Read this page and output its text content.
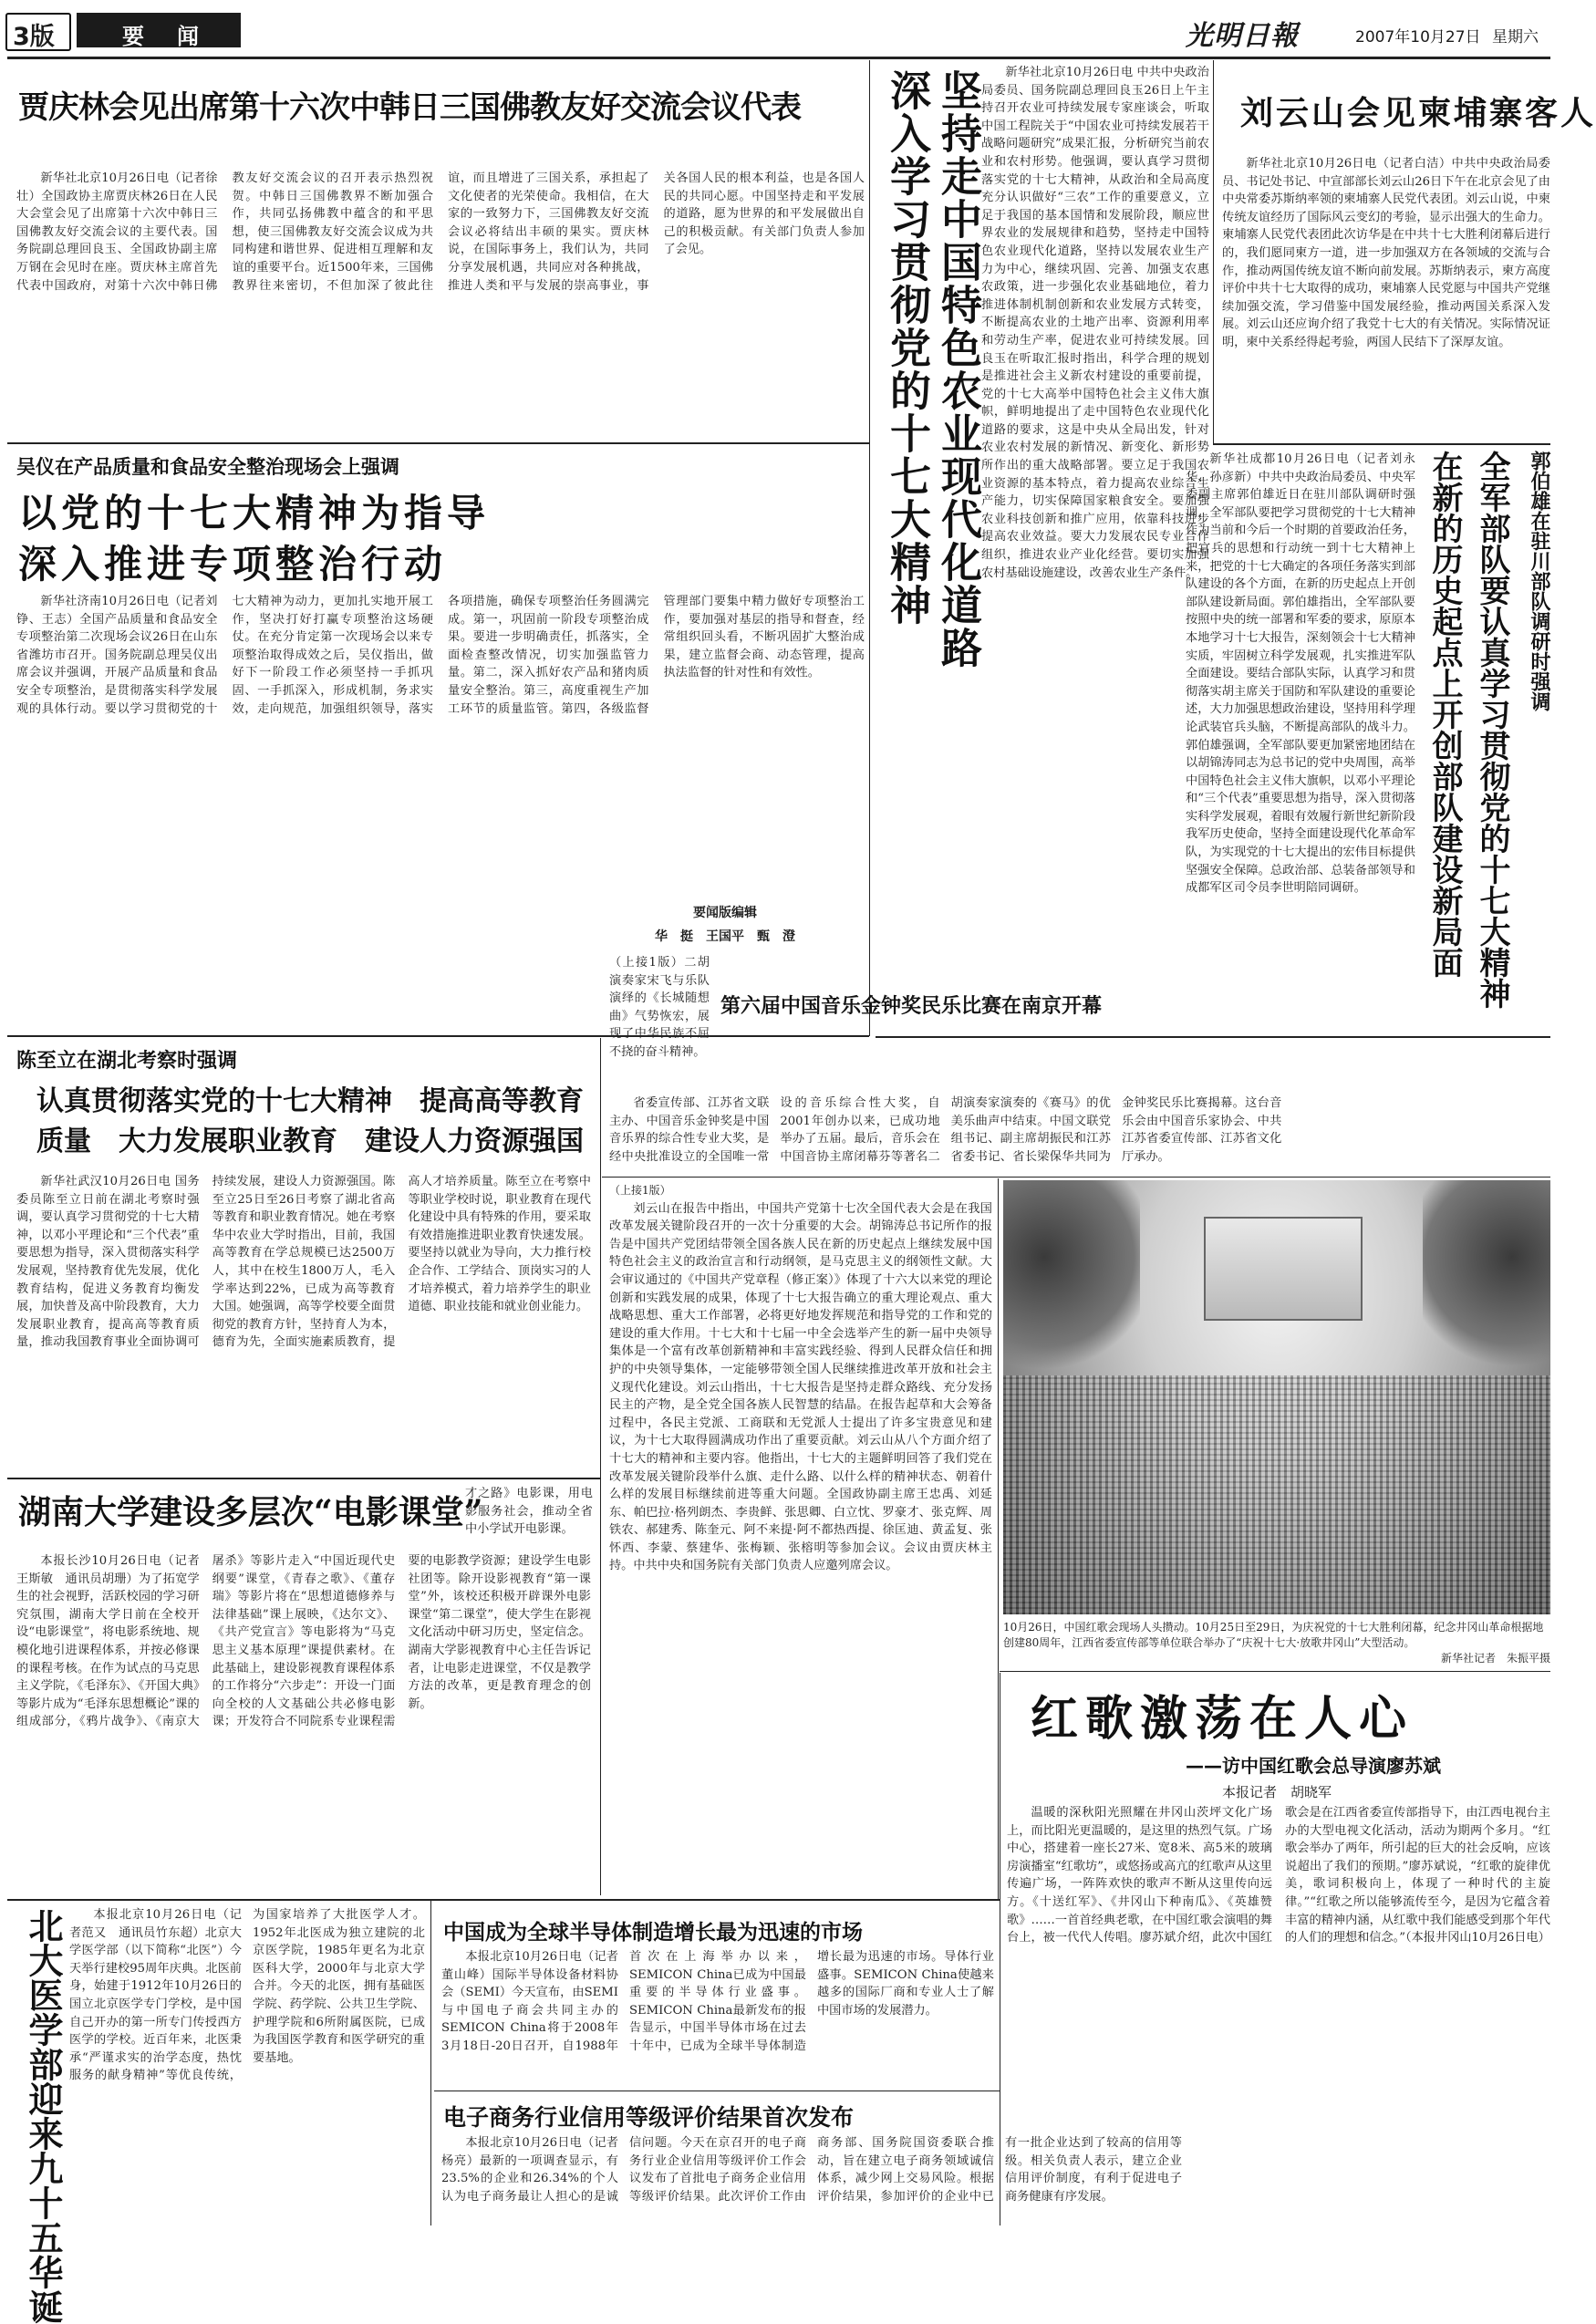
3版	要　闻	光明日報	2007年10月27日 星期六
贾庆林会见出席第十六次中韩日三国佛教友好交流会议代表

新华社北京10月26日电（记者徐壮）全国政协主席贾庆林26日在人民大会堂会见了出席第十六次中韩日三国佛教友好交流会议的主要代表。国务院副总理回良玉、全国政协副主席万钢在会见时在座。贾庆林主席首先代表中国政府，对第十六次中韩日佛教友好交流会议的召开表示热烈祝贺。中韩日三国佛教界不断加强合作，共同弘扬佛教中蕴含的和平思想，使三国佛教友好交流会议成为共同构建和谐世界、促进相互理解和友谊的重要平台。近1500年来，三国佛教界往来密切，不但加深了彼此往谊，而且增进了三国关系，承担起了文化使者的光荣使命。我相信，在大家的一致努力下，三国佛教友好交流会议必将结出丰硕的果实。贾庆林说，在国际事务上，我们认为，共同分享发展机遇，共同应对各种挑战，推进人类和平与发展的崇高事业，事关各国人民的根本利益，也是各国人民的共同心愿。中国坚持走和平发展的道路，愿为世界的和平发展做出自己的积极贡献。有关部门负责人参加了会见。

吴仪在产品质量和食品安全整治现场会上强调
以党的十七大精神为指导
深入推进专项整治行动

新华社济南10月26日电（记者刘铮、王志）全国产品质量和食品安全专项整治第二次现场会议26日在山东省潍坊市召开。国务院副总理吴仪出席会议并强调，开展产品质量和食品安全专项整治，是贯彻落实科学发展观的具体行动。要以学习贯彻党的十七大精神为动力，更加扎实地开展工作，坚决打好打赢专项整治这场硬仗。在充分肯定第一次现场会以来专项整治取得成效之后，吴仪指出，做好下一阶段工作必须坚持一手抓巩固、一手抓深入，形成机制，务求实效，走向规范，加强组织领导，落实各项措施，确保专项整治任务圆满完成。第一，巩固前一阶段专项整治成果。要进一步明确责任，抓落实，全面检查整改情况，切实加强监管力量。第二，深入抓好农产品和猪肉质量安全整治。第三，高度重视生产加工环节的质量监管。第四，各级监督管理部门要集中精力做好专项整治工作，要加强对基层的指导和督查，经常组织回头看，不断巩固扩大整治成果，建立监督会商、动态管理，提高执法监督的针对性和有效性。

坚持走中国特色农业现代化道路
深入学习贯彻党的十七大精神	新华社北京10月26日电 中共中央政治局委员、国务院副总理回良玉26日上午主持召开农业可持续发展专家座谈会，听取中国工程院关于“中国农业可持续发展若干战略问题研究”成果汇报，分析研究当前农业和农村形势。他强调，要认真学习贯彻落实党的十七大精神，从政治和全局高度充分认识做好“三农”工作的重要意义，立足于我国的基本国情和发展阶段，顺应世界农业的发展规律和趋势，坚持走中国特色农业现代化道路，坚持以发展农业生产力为中心，继续巩固、完善、加强支农惠农政策，进一步强化农业基础地位，着力推进体制机制创新和农业发展方式转变，不断提高农业的土地产出率、资源利用率和劳动生产率，促进农业可持续发展。回良玉在听取汇报时指出，科学合理的规划是推进社会主义新农村建设的重要前提，党的十七大高举中国特色社会主义伟大旗帜，鲜明地提出了走中国特色农业现代化道路的要求，这是中央从全局出发，针对农业农村发展的新情况、新变化、新形势所作出的重大战略部署。要立足于我国农业资源的基本特点，着力提高农业综合生产能力，切实保障国家粮食安全。要加强农业科技创新和推广应用，依靠科技进步提高农业效益。要大力发展农民专业合作组织，推进农业产业化经营。要切实加强农村基础设施建设，改善农业生产条件。

刘云山会见柬埔寨客人

新华社北京10月26日电（记者白洁）中共中央政治局委员、书记处书记、中宣部部长刘云山26日下午在北京会见了由中央常委苏斯纳率领的柬埔寨人民党代表团。刘云山说，中柬传统友谊经历了国际风云变幻的考验，显示出强大的生命力。柬埔寨人民党代表团此次访华是在中共十七大胜利闭幕后进行的，我们愿同柬方一道，进一步加强双方在各领域的交流与合作，推动两国传统友谊不断向前发展。苏斯纳表示，柬方高度评价中共十七大取得的成功，柬埔寨人民党愿与中国共产党继续加强交流，学习借鉴中国发展经验，推动两国关系深入发展。刘云山还应询介绍了我党十七大的有关情况。实际情况证明，柬中关系经得起考验，两国人民结下了深厚友谊。

郭伯雄在驻川部队调研时强调
全军部队要认真学习贯彻党的十七大精神
在新的历史起点上开创部队建设新局面

新华社成都10月26日电（记者刘永华、孙彦新）中共中央政治局委员、中央军委副主席郭伯雄近日在驻川部队调研时强调，全军部队要把学习贯彻党的十七大精神作为当前和今后一个时期的首要政治任务，把官兵的思想和行动统一到十七大精神上来，把党的十七大确定的各项任务落实到部队建设的各个方面，在新的历史起点上开创部队建设新局面。郭伯雄指出，全军部队要按照中央的统一部署和军委的要求，原原本本地学习十七大报告，深刻领会十七大精神实质，牢固树立科学发展观，扎实推进军队全面建设。要结合部队实际，认真学习和贯彻落实胡主席关于国防和军队建设的重要论述，大力加强思想政治建设，坚持用科学理论武装官兵头脑，不断提高部队的战斗力。郭伯雄强调，全军部队要更加紧密地团结在以胡锦涛同志为总书记的党中央周围，高举中国特色社会主义伟大旗帜，以邓小平理论和“三个代表”重要思想为指导，深入贯彻落实科学发展观，着眼有效履行新世纪新阶段我军历史使命，坚持全面建设现代化革命军队，为实现党的十七大提出的宏伟目标提供坚强安全保障。总政治部、总装备部领导和成都军区司令员李世明陪同调研。

要闻版编辑
华　挺　王国平　甄　澄
陈至立在湖北考察时强调
认真贯彻落实党的十七大精神　提高高等教育
质量　大力发展职业教育　建设人力资源强国

新华社武汉10月26日电 国务委员陈至立日前在湖北考察时强调，要认真学习贯彻党的十七大精神，以邓小平理论和“三个代表”重要思想为指导，深入贯彻落实科学发展观，坚持教育优先发展，优化教育结构，促进义务教育均衡发展，加快普及高中阶段教育，大力发展职业教育，提高高等教育质量，推动我国教育事业全面协调可持续发展，建设人力资源强国。陈至立25日至26日考察了湖北省高等教育和职业教育情况。她在考察华中农业大学时指出，目前，我国高等教育在学总规模已达2500万人，其中在校生1800万人，毛入学率达到22%，已成为高等教育大国。她强调，高等学校要全面贯彻党的教育方针，坚持育人为本，德育为先，全面实施素质教育，提高人才培养质量。陈至立在考察中等职业学校时说，职业教育在现代化建设中具有特殊的作用，要采取有效措施推进职业教育快速发展。要坚持以就业为导向，大力推行校企合作、工学结合、顶岗实习的人才培养模式，着力培养学生的职业道德、职业技能和就业创业能力。

（上接1版）二胡演奏家宋飞与乐队演绎的《长城随想曲》气势恢宏，展现了中华民族不屈不挠的奋斗精神。

第六届中国音乐金钟奖民乐比赛在南京开幕

省委宣传部、江苏省文联主办、中国音乐金钟奖是中国音乐界的综合性专业大奖，是经中央批准设立的全国唯一常设的音乐综合性大奖，自2001年创办以来，已成功地举办了五届。最后，音乐会在中国音协主席闭幕芬等著名二胡演奏家演奏的《赛马》的优美乐曲声中结束。中国文联党组书记、副主席胡振民和江苏省委书记、省长梁保华共同为金钟奖民乐比赛揭幕。这台音乐会由中国音乐家协会、中共江苏省委宣传部、江苏省文化厅承办。

（上接1版）

刘云山在报告中指出，中国共产党第十七次全国代表大会是在我国改革发展关键阶段召开的一次十分重要的大会。胡锦涛总书记所作的报告是中国共产党团结带领全国各族人民在新的历史起点上继续发展中国特色社会主义的政治宣言和行动纲领，是马克思主义的纲领性文献。大会审议通过的《中国共产党章程（修正案）》体现了十六大以来党的理论创新和实践发展的成果，体现了十七大报告确立的重大理论观点、重大战略思想、重大工作部署，必将更好地发挥规范和指导党的工作和党的建设的重大作用。十七大和十七届一中全会选举产生的新一届中央领导集体是一个富有改革创新精神和丰富实践经验、得到人民群众信任和拥护的中央领导集体，一定能够带领全国人民继续推进改革开放和社会主义现代化建设。刘云山指出，十七大报告是坚持走群众路线、充分发扬民主的产物，是全党全国各族人民智慧的结晶。在报告起草和大会筹备过程中，各民主党派、工商联和无党派人士提出了许多宝贵意见和建议，为十七大取得圆满成功作出了重要贡献。刘云山从八个方面介绍了十七大的精神和主要内容。他指出，十七大的主题鲜明回答了我们党在改革发展关键阶段举什么旗、走什么路、以什么样的精神状态、朝着什么样的发展目标继续前进等重大问题。全国政协副主席王忠禹、刘延东、帕巴拉·格列朗杰、李贵鲜、张思卿、白立忱、罗豪才、张克辉、周铁农、郝建秀、陈奎元、阿不来提·阿不都热西提、徐匡迪、黄孟复、张怀西、李蒙、蔡建华、张梅颖、张榕明等参加会议。会议由贾庆林主持。中共中央和国务院有关部门负责人应邀列席会议。

10月26日，中国红歌会现场人头攒动。10月25日至29日，为庆祝党的十七大胜利闭幕，纪念井冈山革命根据地创建80周年，江西省委宣传部等单位联合举办了“庆祝十七大·放歌井冈山”大型活动。

新华社记者　朱振平摄

湖南大学建设多层次“电影课堂”

才之路》电影课，用电影服务社会，推动全省中小学试开电影课。

本报长沙10月26日电（记者王斯敏　通讯员胡珊）为了拓宽学生的社会视野，活跃校园的学习研究氛围，湖南大学日前在全校开设“电影课堂”，将电影系统地、规模化地引进课程体系，并按必修课的课程考核。在作为试点的马克思主义学院，《毛泽东》、《开国大典》等影片成为“毛泽东思想概论”课的组成部分，《鸦片战争》、《南京大屠杀》等影片走入“中国近现代史纲要”课堂，《青春之歌》、《董存瑞》等影片将在“思想道德修养与法律基础”课上展映，《达尔文》、《共产党宣言》等电影将为“马克思主义基本原理”课提供素材。在此基础上，建设影视教育课程体系的工作将分“六步走”：开设一门面向全校的人文基础公共必修电影课；开发符合不同院系专业课程需要的电影教学资源；建设学生电影社团等。除开设影视教育“第一课堂”外，该校还积极开辟课外电影课堂“第二课堂”，使大学生在影视文化活动中研习历史，坚定信念。湖南大学影视教育中心主任告诉记者，让电影走进课堂，不仅是教学方法的改革，更是教育理念的创新。	红歌激荡在人心
——访中国红歌会总导演廖苏斌
本报记者　胡晓军

温暖的深秋阳光照耀在井冈山茨坪文化广场上，而比阳光更温暖的，是这里的热烈气氛。广场中心，搭建着一座长27米、宽8米、高5米的玻璃房演播室“红歌坊”，或悠扬或高亢的红歌声从这里传遍广场，一阵阵欢快的歌声不断从这里传向远方。《十送红军》、《井冈山下种南瓜》、《英雄赞歌》……一首首经典老歌，在中国红歌会演唱的舞台上，被一代代人传唱。廖苏斌介绍，此次中国红歌会是在江西省委宣传部指导下，由江西电视台主办的大型电视文化活动，活动为期两个多月。“红歌会举办了两年，所引起的巨大的社会反响，应该说超出了我们的预期。”廖苏斌说，“红歌的旋律优美，歌词积极向上，体现了一种时代的主旋律。”“红歌之所以能够流传至今，是因为它蕴含着丰富的精神内涵，从红歌中我们能感受到那个年代的人们的理想和信念。”（本报井冈山10月26日电）

北大医学部迎来九十五华诞	本报北京10月26日电（记者范又　通讯员竹东超）北京大学医学部（以下简称“北医”）今天举行建校95周年庆典。北医前身，始建于1912年10月26日的国立北京医学专门学校，是中国自己开办的第一所专门传授西方医学的学校。近百年来，北医秉承“严谨求实的治学态度，热忱服务的献身精神”等优良传统，为国家培养了大批医学人才。1952年北医成为独立建院的北京医学院，1985年更名为北京医科大学，2000年与北京大学合并。今天的北医，拥有基础医学院、药学院、公共卫生学院、护理学院和6所附属医院，已成为我国医学教育和医学研究的重要基地。

中国成为全球半导体制造增长最为迅速的市场

本报北京10月26日电（记者董山峰）国际半导体设备材料协会（SEMI）今天宣布，由SEMI与中国电子商会共同主办的SEMICON China将于2008年3月18日-20日召开，自1988年首次在上海举办以来，SEMICON China已成为中国最重要的半导体行业盛事。SEMICON China最新发布的报告显示，中国半导体市场在过去十年中，已成为全球半导体制造增长最为迅速的市场。导体行业盛事。SEMICON China使越来越多的国际厂商和专业人士了解中国市场的发展潜力。

电子商务行业信用等级评价结果首次发布

本报北京10月26日电（记者杨亮）最新的一项调查显示，有23.5%的企业和26.34%的个人认为电子商务最让人担心的是诚信问题。今天在京召开的电子商务行业企业信用等级评价工作会议发布了首批电子商务企业信用等级评价结果。此次评价工作由商务部、国务院国资委联合推动，旨在建立电子商务领域诚信体系，减少网上交易风险。根据评价结果，参加评价的企业中已有一批企业达到了较高的信用等级。相关负责人表示，建立企业信用评价制度，有利于促进电子商务健康有序发展。
